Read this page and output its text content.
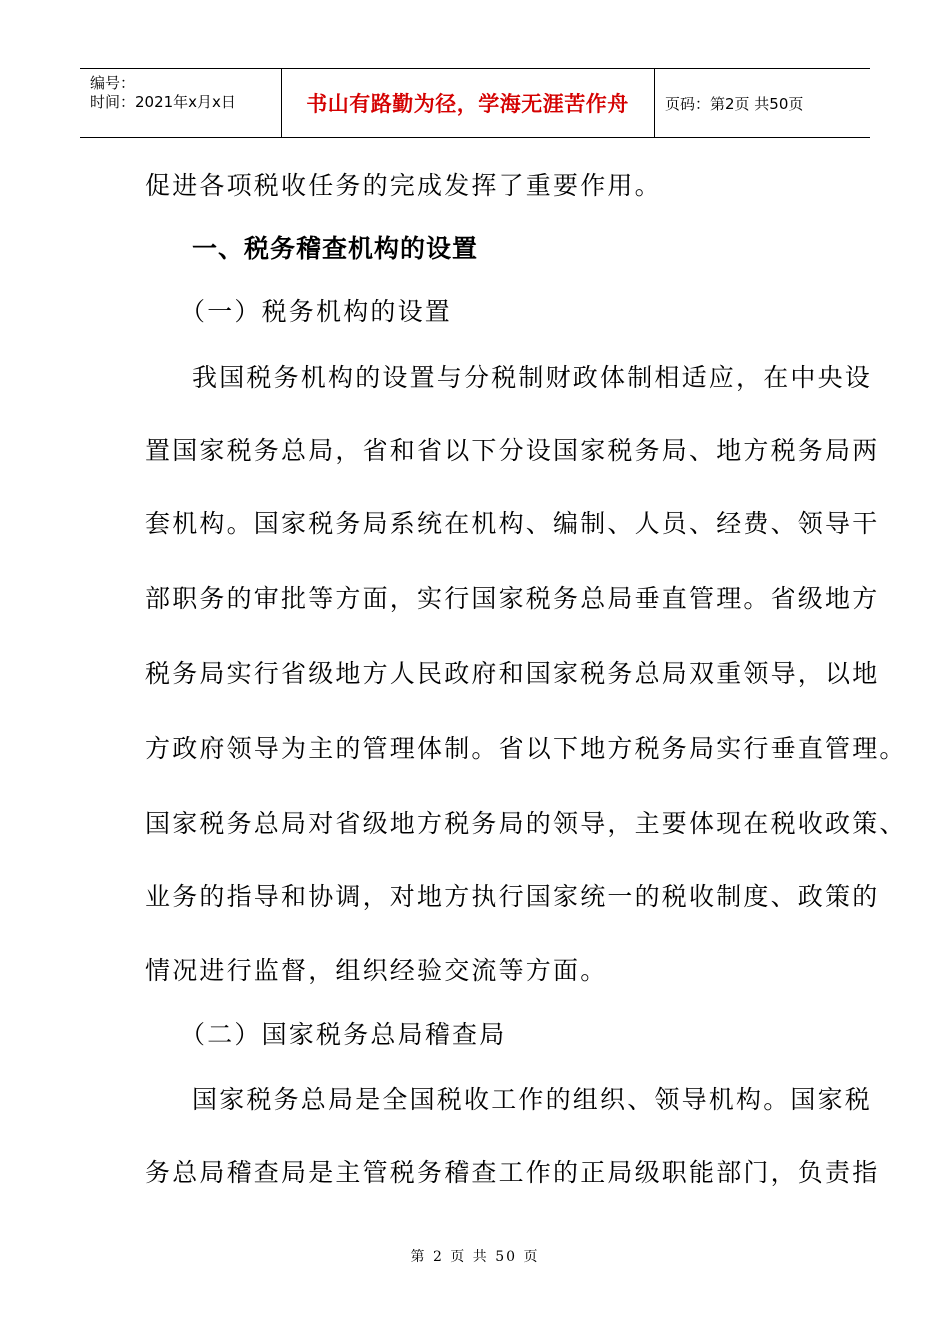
编号：
时间：2021年x月x日	书山有路勤为径，学海无涯苦作舟	页码：第2页 共50页
促进各项税收任务的完成发挥了重要作用。
一、税务稽查机构的设置
（一）税务机构的设置
我国税务机构的设置与分税制财政体制相适应，在中央设
置国家税务总局，省和省以下分设国家税务局、地方税务局两
套机构。国家税务局系统在机构、编制、人员、经费、领导干
部职务的审批等方面，实行国家税务总局垂直管理。省级地方
税务局实行省级地方人民政府和国家税务总局双重领导，以地
方政府领导为主的管理体制。省以下地方税务局实行垂直管理。
国家税务总局对省级地方税务局的领导，主要体现在税收政策、
业务的指导和协调，对地方执行国家统一的税收制度、政策的
情况进行监督，组织经验交流等方面。
（二）国家税务总局稽查局
国家税务总局是全国税收工作的组织、领导机构。国家税
务总局稽查局是主管税务稽查工作的正局级职能部门，负责指
第 2 页 共 50 页
